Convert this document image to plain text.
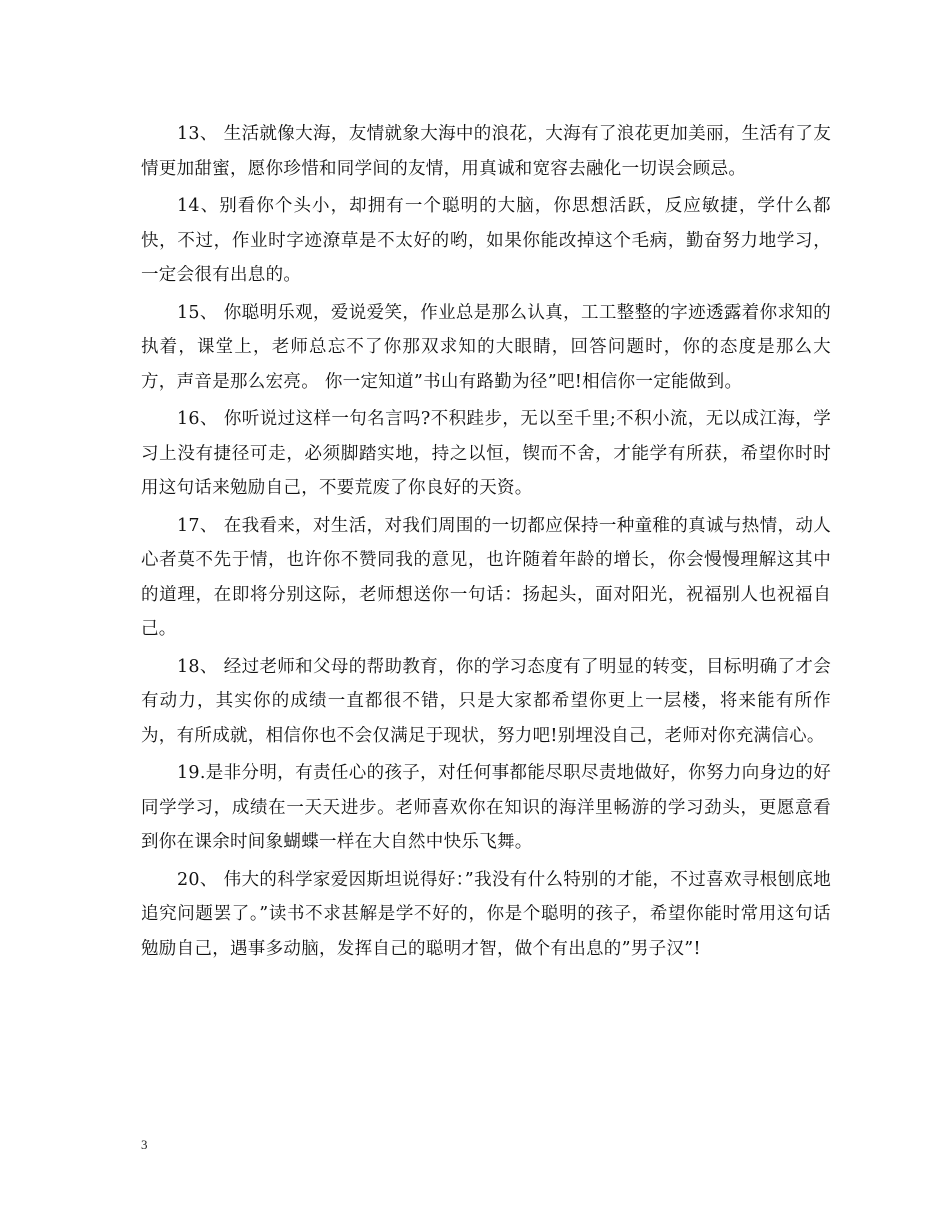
13、 生活就像大海，友情就象大海中的浪花，大海有了浪花更加美丽，生活有了友情更加甜蜜，愿你珍惜和同学间的友情，用真诚和宽容去融化一切误会顾忌。

14、别看你个头小，却拥有一个聪明的大脑，你思想活跃，反应敏捷，学什么都快，不过，作业时字迹潦草是不太好的哟，如果你能改掉这个毛病，勤奋努力地学习，一定会很有出息的。

15、 你聪明乐观，爱说爱笑，作业总是那么认真，工工整整的字迹透露着你求知的执着，课堂上，老师总忘不了你那双求知的大眼睛，回答问题时，你的态度是那么大方，声音是那么宏亮。 你一定知道”书山有路勤为径”吧!相信你一定能做到。

16、 你听说过这样一句名言吗?不积跬步，无以至千里;不积小流，无以成江海，学习上没有捷径可走，必须脚踏实地，持之以恒，锲而不舍，才能学有所获，希望你时时用这句话来勉励自己，不要荒废了你良好的天资。

17、 在我看来，对生活，对我们周围的一切都应保持一种童稚的真诚与热情，动人心者莫不先于情，也许你不赞同我的意见，也许随着年龄的增长，你会慢慢理解这其中的道理，在即将分别这际，老师想送你一句话：扬起头，面对阳光，祝福别人也祝福自己。

18、 经过老师和父母的帮助教育，你的学习态度有了明显的转变，目标明确了才会有动力，其实你的成绩一直都很不错，只是大家都希望你更上一层楼，将来能有所作为，有所成就，相信你也不会仅满足于现状，努力吧!别埋没自己，老师对你充满信心。

19.是非分明，有责任心的孩子，对任何事都能尽职尽责地做好，你努力向身边的好同学学习，成绩在一天天进步。老师喜欢你在知识的海洋里畅游的学习劲头，更愿意看到你在课余时间象蝴蝶一样在大自然中快乐飞舞。

20、 伟大的科学家爱因斯坦说得好：”我没有什么特别的才能，不过喜欢寻根刨底地追究问题罢了。”读书不求甚解是学不好的，你是个聪明的孩子，希望你能时常用这句话勉励自己，遇事多动脑，发挥自己的聪明才智，做个有出息的”男子汉”!

3
